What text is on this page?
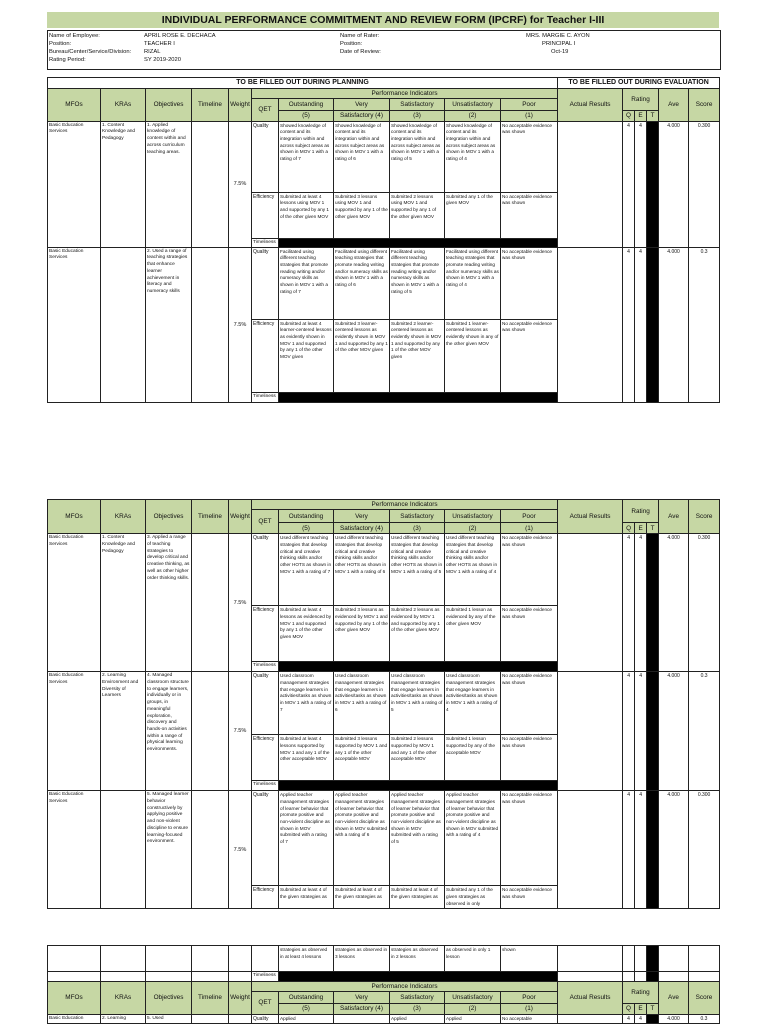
INDIVIDUAL PERFORMANCE COMMITMENT AND REVIEW FORM (IPCRF) for Teacher I-III
Name of Employee:	APRIL ROSE E. DECHACA
Position:	TEACHER I
Bureau/Center/Service/Division: RIZAL
Rating Period:	SY 2019-2020
Name of Rater:	MRS. MARGIE C. AYON
Position:	PRINCIPAL I
Date of Review:	Oct-19
TO BE FILLED OUT DURING PLANNING											TO BE FILLED OUT DURING EVALUATION					
MFOs	KRAs	Objectives	Timeline	Weight	Performance Indicators						Actual Results	Rating			Ave	Score
					QET	Outstanding	Very	Satisfactory	Unsatisfactory	Poor						
						(5)	Satisfactory (4)	(3)	(2)	(1)		Q	E	T		
Basic Education Services	1. Content Knowledge and Pedagogy	1. Applied knowledge of content within and across curriculum teaching areas.		7.5%	Quality	Showed knowledge of content and its integration within and across subject areas as shown in MOV 1 with a rating of 7	Showed knowledge of content and its integration within and across subject areas as shown in MOV 1 with a rating of 6	Showed knowledge of content and its integration within and across subject areas as shown in MOV 1 with a rating of 5	Showed knowledge of content and its integration within and across subject areas as shown in MOV 1 with a rating of 4	No acceptable evidence was shown		4	4		4.000	0.300
					Efficiency	Submitted at least 4 lessons using MOV 1 and supported by any 1 of the other given MOV	Submitted 3 lessons using MOV 1 and supported by any 1 of the other given MOV	Submitted 2 lessons using MOV 1 and supported by any 1 of the other given MOV	Submitted any 1 of the given MOV	No acceptable evidence was shown						
					Timeliness											
Basic Education Services		2. Used a range of teaching strategies that enhance learner achievement in literacy and numeracy skills		7.5%	Quality	Facilitated using different teaching strategies that promote reading writing and/or numeracy skills as shown in MOV 1 with a rating of 7	Facilitated using different teaching strategies that promote reading writing and/or numeracy skills as shown in MOV 1 with a rating of 6	Facilitated using different teaching strategies that promote reading writing and/or numeracy skills as shown in MOV 1 with a rating of 5	Facilitated using different teaching strategies that promote reading writing and/or numeracy skills as shown in MOV 1 with a rating of 4	No acceptable evidence was shown		4	4		4.000	0.3
					Efficiency	Submitted at least 4 learner-centered lessons as evidently shown in MOV 1 and supported by any 1 of the other MOV given	Submitted 3 learner-centered lessons as evidently shown in MOV 1 and supported by any 1 of the other MOV given	Submitted 2 learner-centered lessons as evidently shown in MOV 1 and supported by any 1 of the other MOV given	Submitted 1 learner-centered lessons as evidently shown in any of the other given MOV	No acceptable evidence was shown						
					Timeliness											
MFOs	KRAs	Objectives	Timeline	Weight	Performance Indicators						Actual Results	Rating			Ave	Score
					QET	Outstanding	Very	Satisfactory	Unsatisfactory	Poor						
						(5)	Satisfactory (4)	(3)	(2)	(1)		Q	E	T		
Basic Education Services	1. Content Knowledge and Pedagogy	3. Applied a range of teaching strategies to develop critical and creative thinking, as well as other higher order thinking skills.		7.5%	Quality	Used different teaching strategies that develop critical and creative thinking skills and/or other HOTS as shown in MOV 1 with a rating of 7	Used different teaching strategies that develop critical and creative thinking skills and/or other HOTS as shown in MOV 1 with a rating of 6	Used different teaching strategies that develop critical and creative thinking skills and/or other HOTS as shown in MOV 1 with a rating of 5	Used different teaching strategies that develop critical and creative thinking skills and/or other HOTS as shown in MOV 1 with a rating of 4	No acceptable evidence was shown		4	4		4.000	0.300
					Efficiency	Submitted at least 4 lessons as evidenced by MOV 1 and supported by any 1 of the other given MOV	Submitted 3 lessons as evidenced by MOV 1 and supported by any 1 of the other given MOV	Submitted 2 lessons as evidenced by MOV 1 and supported by any 1 of the other given MOV	Submitted 1 lesson as evidenced by any of the other given MOV	No acceptable evidence was shown						
					Timeliness											
Basic Education Services	2. Learning Environment and Diversity of Learners	4. Managed classroom structure to engage learners, individually or in groups, in meaningful exploration, discovery and hands-on activities within a range of physical learning environments.		7.5%	Quality	Used classroom management strategies that engage learners in activities/tasks as shown in MOV 1 with a rating of 7	Used classroom management strategies that engage learners in activities/tasks as shown in MOV 1 with a rating of 6	Used classroom management strategies that engage learners in activities/tasks as shown in MOV 1 with a rating of 5	Used classroom management strategies that engage learners in activities/tasks as shown in MOV 1 with a rating of 4	No acceptable evidence was shown		4	4		4.000	0.3
					Efficiency	Submitted at least 4 lessons supported by MOV 1 and any 1 of the other acceptable MOV	Submitted 3 lessons supported by MOV 1 and any 1 of the other acceptable MOV	Submitted 2 lessons supported by MOV 1 and any 1 of the other acceptable MOV	Submitted 1 lesson supported by any of the acceptable MOV	No acceptable evidence was shown						
					Timeliness											
Basic Education Services		5. Managed learner behavior constructively by applying positive and non-violent discipline to ensure learning-focused environment.		7.5%	Quality	Applied teacher management strategies of learner behavior that promote positive and non-violent discipline as shown in MOV submitted with a rating of 7	Applied teacher management strategies of learner behavior that promote positive and non-violent discipline as shown in MOV submitted with a rating of 6	Applied teacher management strategies of learner behavior that promote positive and non-violent discipline as shown in MOV submitted with a rating of 5	Applied teacher management strategies of learner behavior that promote positive and non-violent discipline as shown in MOV submitted with a rating of 4	No acceptable evidence was shown		4	4		4.000	0.300
					Efficiency	Submitted at least 4 of the given strategies as	Submitted at least 4 of the given strategies as	Submitted at least 4 of the given strategies as	Submitted any 1 of the given strategies as observed in only	No acceptable evidence was shown						
						strategies as observed in at least 4 lessons	strategies as observed in 3 lessons	strategies as observed in 2 lessons	as observed in only 1 lesson	shown						
					Timeliness											
MFOs	KRAs	Objectives	Timeline	Weight	Performance Indicators						Actual Results	Rating			Ave	Score
					QET	Outstanding	Very	Satisfactory	Unsatisfactory	Poor						
						(5)	Satisfactory (4)	(3)	(2)	(1)		Q	E	T		
Basic Education	2. Learning	5. Used			Quality	Applied		Applied	Applied	No acceptable		4	4		4.000	0.3
